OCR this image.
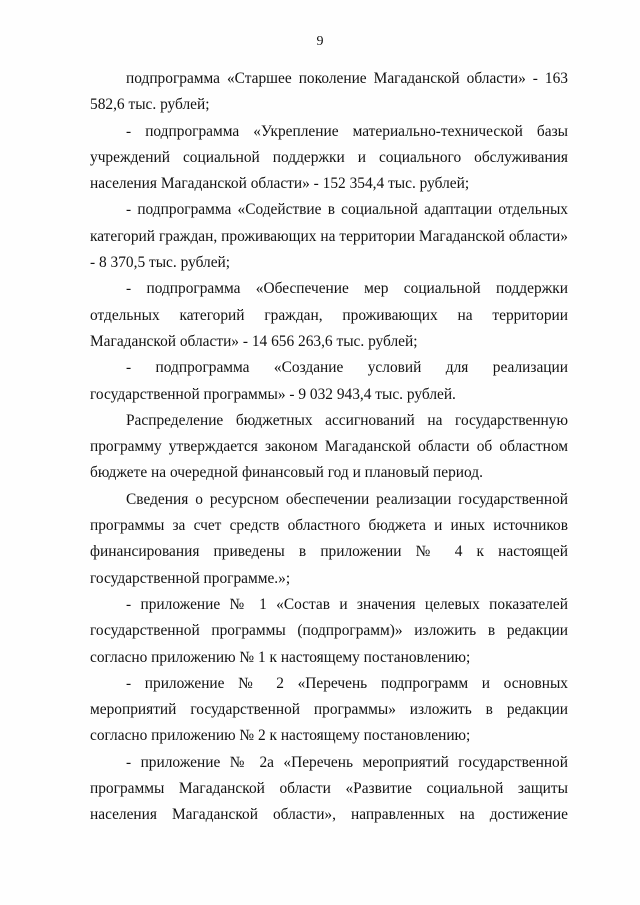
9

подпрограмма «Старшее поколение Магаданской области» - 163 582,6 тыс. рублей;

- подпрограмма «Укрепление материально-технической базы учреждений социальной поддержки и социального обслуживания населения Магаданской области» - 152 354,4 тыс. рублей;

- подпрограмма «Содействие в социальной адаптации отдельных категорий граждан, проживающих на территории Магаданской области» - 8 370,5 тыс. рублей;

- подпрограмма «Обеспечение мер социальной поддержки отдельных категорий граждан, проживающих на территории Магаданской области» - 14 656 263,6 тыс. рублей;

- подпрограмма «Создание условий для реализации государственной программы» - 9 032 943,4 тыс. рублей.

Распределение бюджетных ассигнований на государственную программу утверждается законом Магаданской области об областном бюджете на очередной финансовый год и плановый период.

Сведения о ресурсном обеспечении реализации государственной программы за счет средств областного бюджета и иных источников финансирования приведены в приложении № 4 к настоящей государственной программе.»;

- приложение № 1 «Состав и значения целевых показателей государственной программы (подпрограмм)» изложить в редакции согласно приложению № 1 к настоящему постановлению;

- приложение № 2 «Перечень подпрограмм и основных мероприятий государственной программы» изложить в редакции согласно приложению № 2 к настоящему постановлению;

- приложение № 2а «Перечень мероприятий государственной программы Магаданской области «Развитие социальной защиты населения Магаданской области», направленных на достижение
